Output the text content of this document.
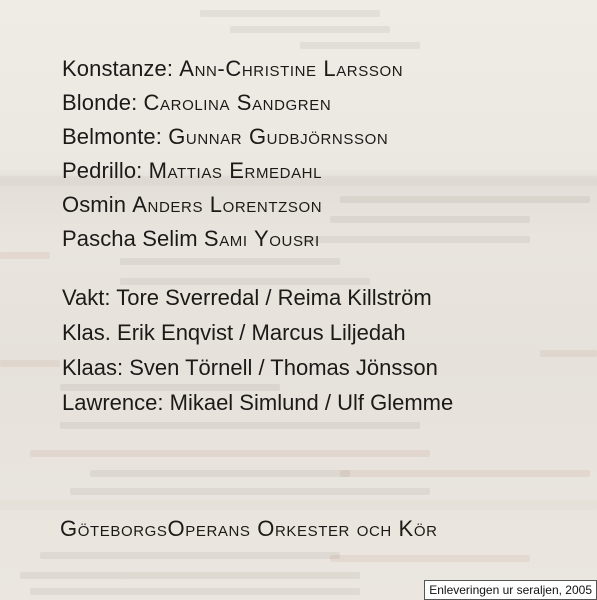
Konstanze: Ann-Christine Larsson
Blonde: Carolina Sandgren
Belmonte: Gunnar Gudbjörnsson
Pedrillo: Mattias Ermedahl
Osmin Anders Lorentzson
Pascha Selim Sami Yousri
Vakt: Tore Sverredal / Reima Killström
Klas. Erik Enqvist / Marcus Liljedah
Klaas: Sven Törnell / Thomas Jönsson
Lawrence: Mikael Simlund / Ulf Glemme
GöteborgsOperans Orkester och Kör
Enleveringen ur seraljen, 2005
